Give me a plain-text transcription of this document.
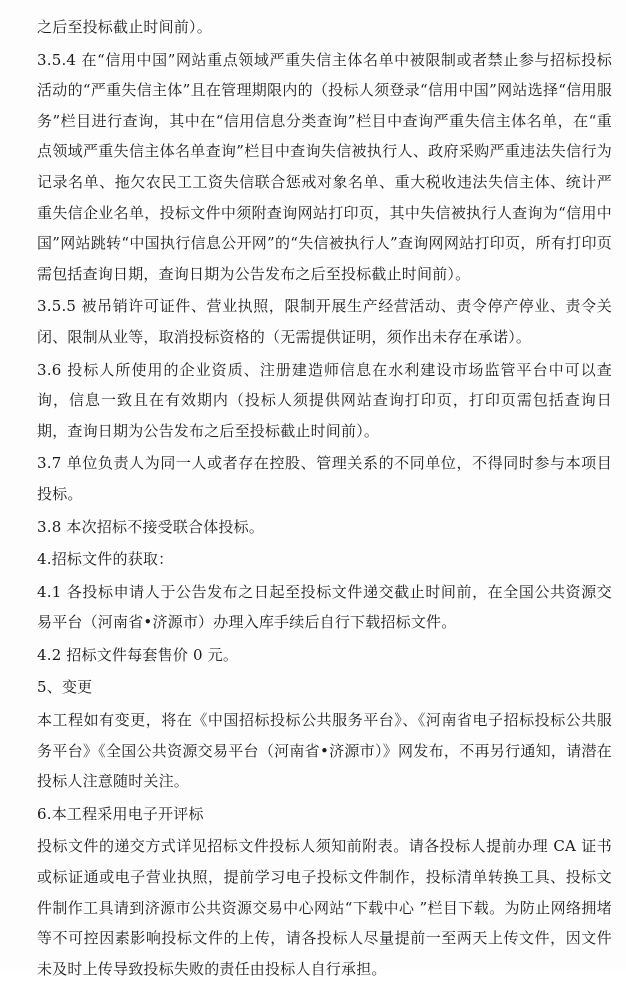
之后至投标截止时间前）。

3.5.4 在“信用中国”网站重点领域严重失信主体名单中被限制或者禁止参与招标投标活动的“严重失信主体”且在管理期限内的（投标人须登录“信用中国”网站选择“信用服务”栏目进行查询，其中在“信用信息分类查询”栏目中查询严重失信主体名单，在“重点领域严重失信主体名单查询”栏目中查询失信被执行人、政府采购严重违法失信行为记录名单、拖欠农民工工资失信联合惩戒对象名单、重大税收违法失信主体、统计严重失信企业名单，投标文件中须附查询网站打印页，其中失信被执行人查询为“信用中国”网站跳转“中国执行信息公开网”的“失信被执行人”查询网网站打印页，所有打印页需包括查询日期，查询日期为公告发布之后至投标截止时间前）。

3.5.5 被吊销许可证件、营业执照，限制开展生产经营活动、责令停产停业、责令关闭、限制从业等，取消投标资格的（无需提供证明，须作出未存在承诺）。

3.6 投标人所使用的企业资质、注册建造师信息在水利建设市场监管平台中可以查询，信息一致且在有效期内（投标人须提供网站查询打印页，打印页需包括查询日期，查询日期为公告发布之后至投标截止时间前）。

3.7 单位负责人为同一人或者存在控股、管理关系的不同单位，不得同时参与本项目投标。

3.8 本次招标不接受联合体投标。

4.招标文件的获取：

4.1 各投标申请人于公告发布之日起至投标文件递交截止时间前，在全国公共资源交易平台（河南省•济源市）办理入库手续后自行下载招标文件。

4.2 招标文件每套售价 0 元。

5、变更

本工程如有变更，将在《中国招标投标公共服务平台》、《河南省电子招标投标公共服务平台》《全国公共资源交易平台（河南省•济源市）》网发布，不再另行通知，请潜在投标人注意随时关注。

6.本工程采用电子开评标

投标文件的递交方式详见招标文件投标人须知前附表。请各投标人提前办理 CA 证书或标证通或电子营业执照，提前学习电子投标文件制作，投标清单转换工具、投标文件制作工具请到济源市公共资源交易中心网站“下载中心 ”栏目下载。为防止网络拥堵等不可控因素影响投标文件的上传，请各投标人尽量提前一至两天上传文件，因文件未及时上传导致投标失败的责任由投标人自行承担。
